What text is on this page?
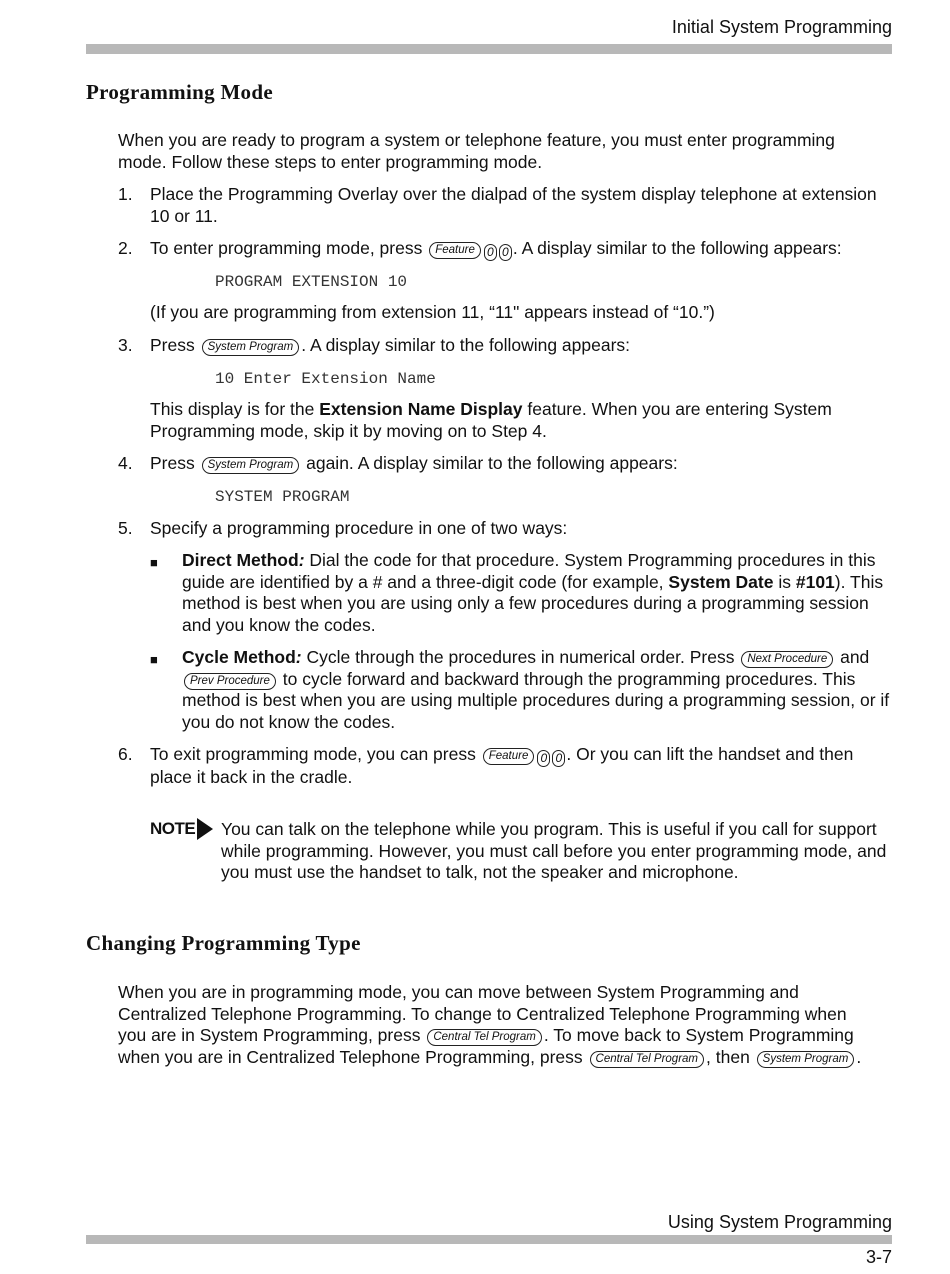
Initial System Programming
Programming Mode
When you are ready to program a system or telephone feature, you must enter programming mode. Follow these steps to enter programming mode.
1. Place the Programming Overlay over the dialpad of the system display telephone at extension 10 or 11.
2. To enter programming mode, press Feature 0 0 . A display similar to the following appears:
PROGRAM EXTENSION 10
(If you are programming from extension 11, “11" appears instead of “10.”)
3. Press System Program . A display similar to the following appears:
10 Enter Extension Name
This display is for the Extension Name Display feature. When you are entering System Programming mode, skip it by moving on to Step 4.
4. Press System Program again. A display similar to the following appears:
SYSTEM PROGRAM
5. Specify a programming procedure in one of two ways:
■ Direct Method: Dial the code for that procedure. System Programming procedures in this guide are identified by a # and a three-digit code (for example, System Date is #101). This method is best when you are using only a few procedures during a programming session and you know the codes.
■ Cycle Method: Cycle through the procedures in numerical order. Press Next Procedure and Prev Procedure to cycle forward and backward through the programming procedures. This method is best when you are using multiple procedures during a programming session, or if you do not know the codes.
6. To exit programming mode, you can press Feature 0 0 . Or you can lift the handset and then place it back in the cradle.
NOTE You can talk on the telephone while you program. This is useful if you call for support while programming. However, you must call before you enter programming mode, and you must use the handset to talk, not the speaker and microphone.
Changing Programming Type
When you are in programming mode, you can move between System Programming and Centralized Telephone Programming. To change to Centralized Telephone Programming when you are in System Programming, press Central Tel Program . To move back to System Programming when you are in Centralized Telephone Programming, press Central Tel Program , then System Program .
Using System Programming
3-7
